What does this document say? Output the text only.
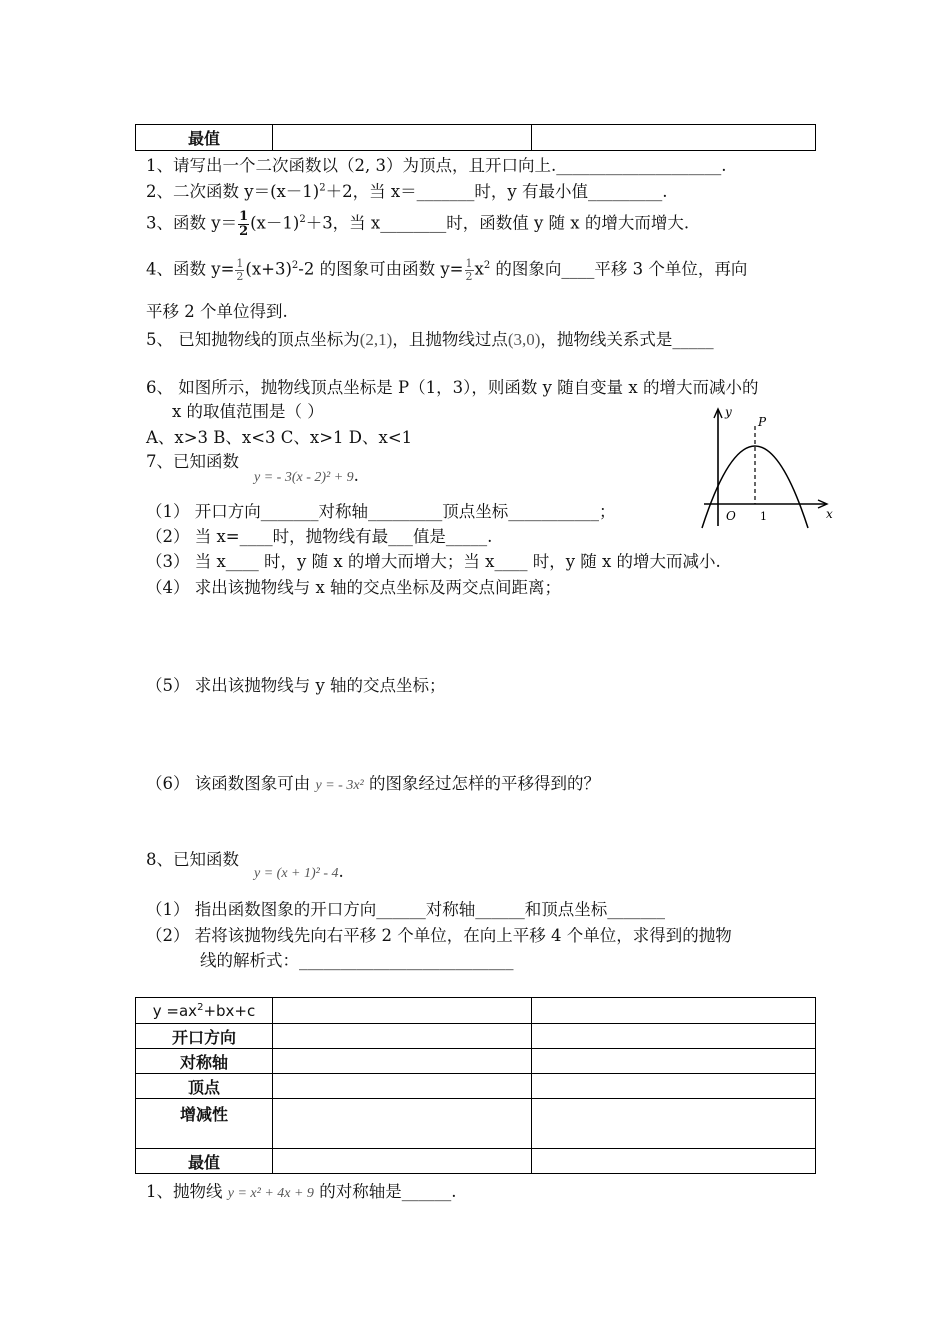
最值		
1、请写出一个二次函数以（2, 3）为顶点，且开口向上.____________________.
2、二次函数 $y=(x-1)^2+2$，当 x＝_______时，y 有最小值_________.
3、函数 $y= \frac{1}{2} (x-1)^2+3$，当 x________时，函数值 y 随 x 的增大而增大.
4、函数 $y= \frac{1}{2} (x+3)^2-2$ 的图象可由函数 $y= \frac{1}{2} x^2$ 的图象向____平移 3 个单位，再向
平移 2 个单位得到.
5、 已知抛物线的顶点坐标为(2,1)，且抛物线过点(3,0)，抛物线关系式是_____
6、 如图所示，抛物线顶点坐标是 P（1，3），则函数 y 随自变量 x 的增大而减小的
x 的取值范围是（ ）
A、x>3 B、x<3 C、x>1 D、x<1
y
x
O 1
P
7、已知函数
y = - 3(x - 2)² + 9.
（1） 开口方向_______对称轴_________顶点坐标___________；
（2） 当 x=____时，抛物线有最___值是_____.
（3） 当 x____ 时，y 随 x 的增大而增大；当 x____ 时，y 随 x 的增大而减小.
（4） 求出该抛物线与 x 轴的交点坐标及两交点间距离；
（5） 求出该抛物线与 y 轴的交点坐标；
（6） 该函数图象可由 y = - 3x² 的图象经过怎样的平移得到的？
8、已知函数
y = (x + 1)² - 4.
（1） 指出函数图象的开口方向______对称轴______和顶点坐标_______
（2） 若将该抛物线先向右平移 2 个单位，在向上平移 4 个单位，求得到的抛物
线的解析式：__________________________
$y =ax^2+bx+c$		
开口方向		
对称轴		
顶点		
增减性		
最值		
1、抛物线 y = x² + 4x + 9 的对称轴是______.
